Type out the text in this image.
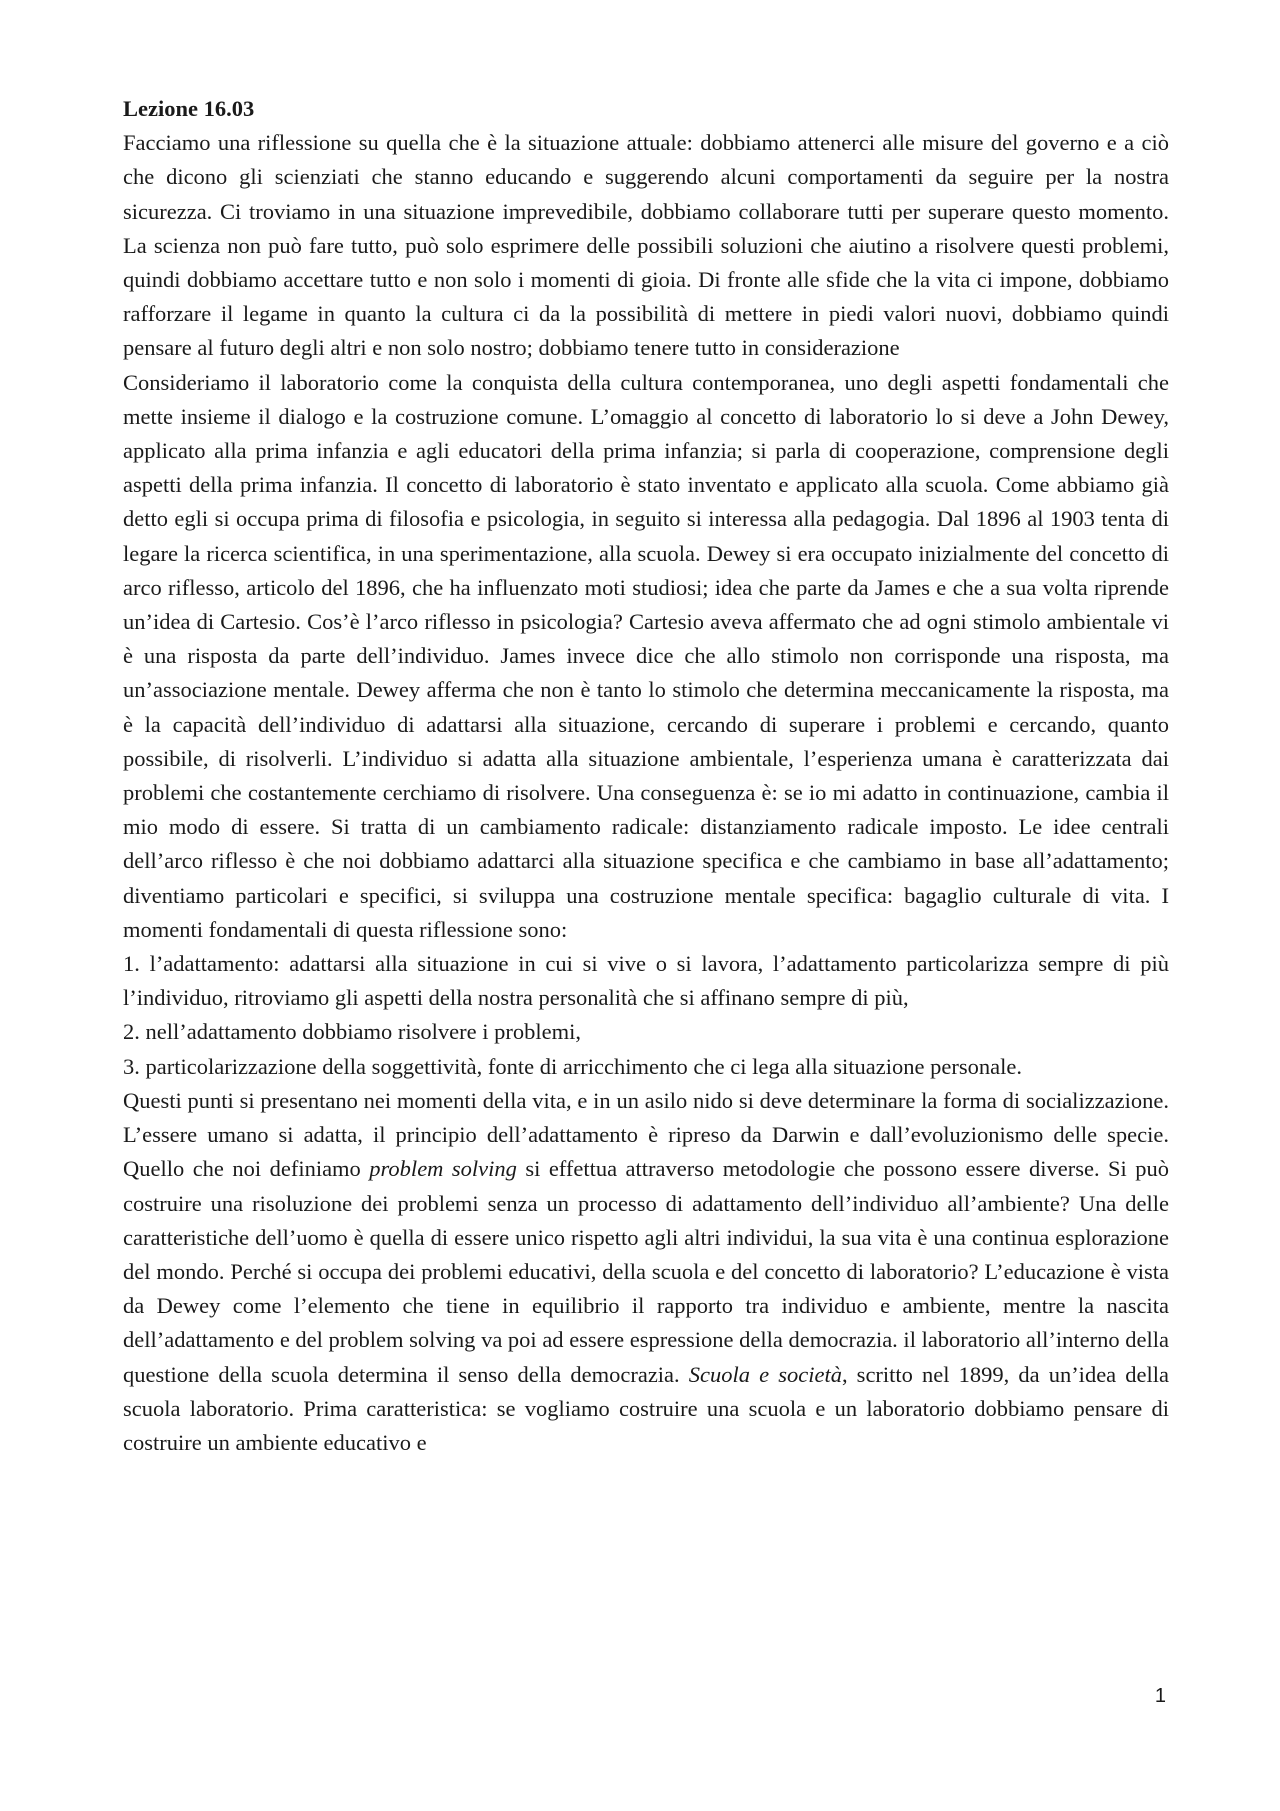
Lezione 16.03

Facciamo una riflessione su quella che è la situazione attuale: dobbiamo attenerci alle misure del governo e a ciò che dicono gli scienziati che stanno educando e suggerendo alcuni comportamenti da seguire per la nostra sicurezza. Ci troviamo in una situazione imprevedibile, dobbiamo collaborare tutti per superare questo momento. La scienza non può fare tutto, può solo esprimere delle possibili soluzioni che aiutino a risolvere questi problemi, quindi dobbiamo accettare tutto e non solo i momenti di gioia. Di fronte alle sfide che la vita ci impone, dobbiamo rafforzare il legame in quanto la cultura ci da la possibilità di mettere in piedi valori nuovi, dobbiamo quindi pensare al futuro degli altri e non solo nostro; dobbiamo tenere tutto in considerazione

Consideriamo il laboratorio come la conquista della cultura contemporanea, uno degli aspetti fondamentali che mette insieme il dialogo e la costruzione comune. L’omaggio al concetto di laboratorio lo si deve a John Dewey, applicato alla prima infanzia e agli educatori della prima infanzia; si parla di cooperazione, comprensione degli aspetti della prima infanzia. Il concetto di laboratorio è stato inventato e applicato alla scuola. Come abbiamo già detto egli si occupa prima di filosofia e psicologia, in seguito si interessa alla pedagogia. Dal 1896 al 1903 tenta di legare la ricerca scientifica, in una sperimentazione, alla scuola. Dewey si era occupato inizialmente del concetto di arco riflesso, articolo del 1896, che ha influenzato moti studiosi; idea che parte da James e che a sua volta riprende un’idea di Cartesio. Cos’è l’arco riflesso in psicologia? Cartesio aveva affermato che ad ogni stimolo ambientale vi è una risposta da parte dell’individuo. James invece dice che allo stimolo non corrisponde una risposta, ma un’associazione mentale. Dewey afferma che non è tanto lo stimolo che determina meccanicamente la risposta, ma è la capacità dell’individuo di adattarsi alla situazione, cercando di superare i problemi e cercando, quanto possibile, di risolverli. L’individuo si adatta alla situazione ambientale, l’esperienza umana è caratterizzata dai problemi che costantemente cerchiamo di risolvere. Una conseguenza è: se io mi adatto in continuazione, cambia il mio modo di essere. Si tratta di un cambiamento radicale: distanziamento radicale imposto. Le idee centrali dell’arco riflesso è che noi dobbiamo adattarci alla situazione specifica e che cambiamo in base all’adattamento; diventiamo particolari e specifici, si sviluppa una costruzione mentale specifica: bagaglio culturale di vita. I momenti fondamentali di questa riflessione sono:

1. l’adattamento: adattarsi alla situazione in cui si vive o si lavora, l’adattamento particolarizza sempre di più l’individuo, ritroviamo gli aspetti della nostra personalità che si affinano sempre di più,

2. nell’adattamento dobbiamo risolvere i problemi,

3. particolarizzazione della soggettività, fonte di arricchimento che ci lega alla situazione personale.

Questi punti si presentano nei momenti della vita, e in un asilo nido si deve determinare la forma di socializzazione. L’essere umano si adatta, il principio dell’adattamento è ripreso da Darwin e dall’evoluzionismo delle specie. Quello che noi definiamo problem solving si effettua attraverso metodologie che possono essere diverse. Si può costruire una risoluzione dei problemi senza un processo di adattamento dell’individuo all’ambiente? Una delle caratteristiche dell’uomo è quella di essere unico rispetto agli altri individui, la sua vita è una continua esplorazione del mondo. Perché si occupa dei problemi educativi, della scuola e del concetto di laboratorio? L’educazione è vista da Dewey come l’elemento che tiene in equilibrio il rapporto tra individuo e ambiente, mentre la nascita dell’adattamento e del problem solving va poi ad essere espressione della democrazia. il laboratorio all’interno della questione della scuola determina il senso della democrazia. Scuola e società, scritto nel 1899, da un’idea della scuola laboratorio. Prima caratteristica: se vogliamo costruire una scuola e un laboratorio dobbiamo pensare di costruire un ambiente educativo e

1
